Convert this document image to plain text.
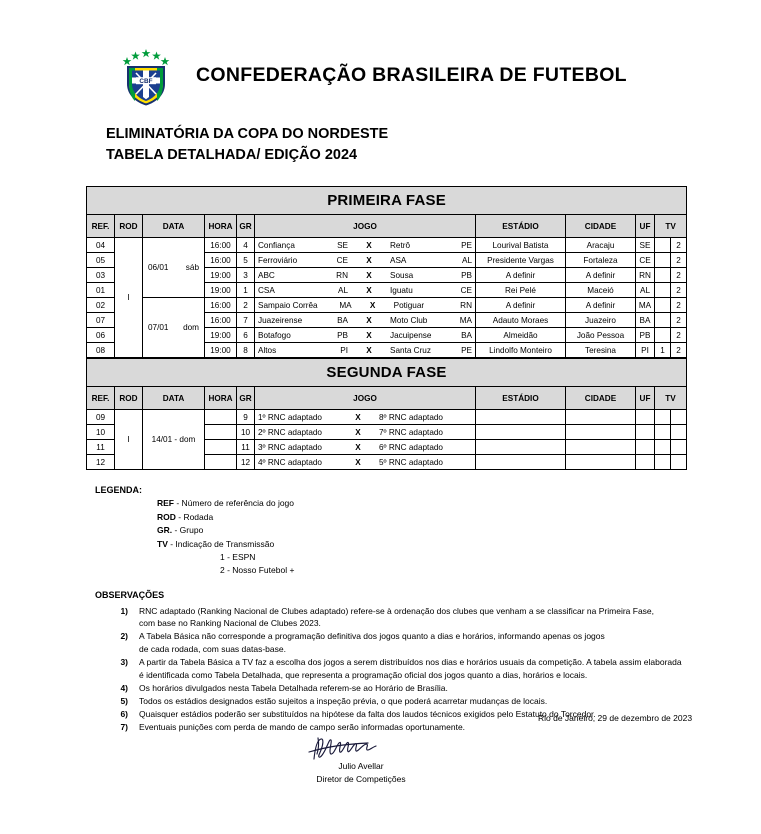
CBF CONFEDERAÇÃO BRASILEIRA DE FUTEBOL
ELIMINATÓRIA DA COPA DO NORDESTE
TABELA DETALHADA/ EDIÇÃO 2024
PRIMEIRA FASE										
REF.	ROD	DATA	HORA	GR	JOGO	ESTÁDIO	CIDADE	UF	TV	
04	I	06/01 sáb	16:00	4	Confiança SE X Retrô PE	Lourival Batista	Aracaju	SE		2
05			16:00	5	Ferroviário CE X ASA AL	Presidente Vargas	Fortaleza	CE		2
03			19:00	3	ABC RN X Sousa PB	A definir	A definir	RN		2
01			19:00	1	CSA AL X Iguatu CE	Rei Pelé	Maceió	AL		2
02		07/01 dom	16:00	2	Sampaio Corrêa MA X Potiguar RN	A definir	A definir	MA		2
07			16:00	7	Juazeirense BA X Moto Club MA	Adauto Moraes	Juazeiro	BA		2
06			19:00	6	Botafogo PB X Jacuipense BA	Almeidão	João Pessoa	PB		2
08			19:00	8	Altos PI X Santa Cruz PE	Lindolfo Monteiro	Teresina	PI	1	2
SEGUNDA FASE										
REF.	ROD	DATA	HORA	GR	JOGO	ESTÁDIO	CIDADE	UF	TV	
09	I	14/01 - dom		9	1º RNC adaptado X 8º RNC adaptado					

10				10	2º RNC adaptado X 7º RNC adaptado					

11				11	3º RNC adaptado X 6º RNC adaptado					

12				12	4º RNC adaptado X 5º RNC adaptado					

LEGENDA:
REF - Número de referência do jogo
ROD - Rodada
GR. - Grupo
TV - Indicação de Transmissão
1 - ESPN
2 - Nosso Futebol +
OBSERVAÇÕES
1)	RNC adaptado (Ranking Nacional de Clubes adaptado) refere-se à ordenação dos clubes que venham a se classificar na Primeira Fase,
com base no Ranking Nacional de Clubes 2023.
2)	A Tabela Básica não corresponde a programação definitiva dos jogos quanto a dias e horários, informando apenas os jogos
de cada rodada, com suas datas-base.
3)	A partir da Tabela Básica a TV faz a escolha dos jogos a serem distribuídos nos dias e horários usuais da competição. A tabela assim elaborada
é identificada como Tabela Detalhada, que representa a programação oficial dos jogos quanto a dias, horários e locais.
4)	Os horários divulgados nesta Tabela Detalhada referem-se ao Horário de Brasília.
5)	Todos os estádios designados estão sujeitos a inspeção prévia, o que poderá acarretar mudanças de locais.
6)	Quaisquer estádios poderão ser substituídos na hipótese da falta dos laudos técnicos exigidos pelo Estatuto do Torcedor.
7)	Eventuais punições com perda de mando de campo serão informadas oportunamente.
Rio de Janeiro, 29 de dezembro de 2023
Julio Avellar
Diretor de Competições
